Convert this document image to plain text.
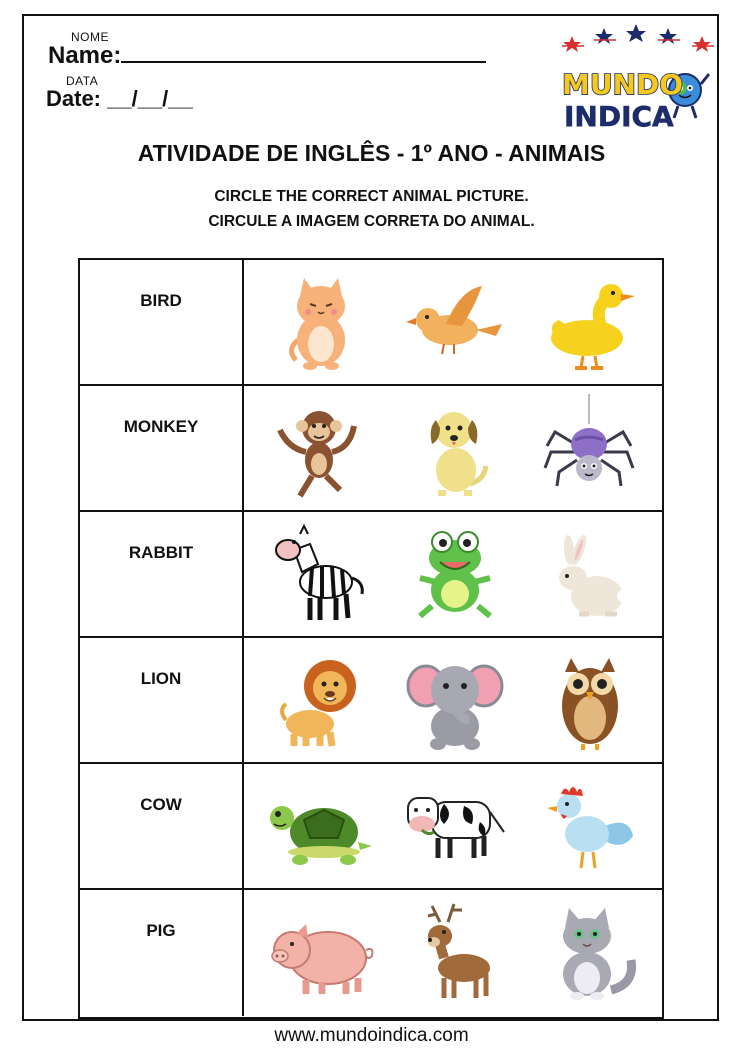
NOME
Name:
DATA
Date: __/__/__	MUNDO
INDICA
ATIVIDADE DE INGLÊS - 1º ANO - ANIMAIS
CIRCLE THE CORRECT ANIMAL PICTURE.
CIRCULE A IMAGEM CORRETA DO ANIMAL.
BIRD
MONKEY
RABBIT
LION
COW
PIG
www.mundoindica.com
